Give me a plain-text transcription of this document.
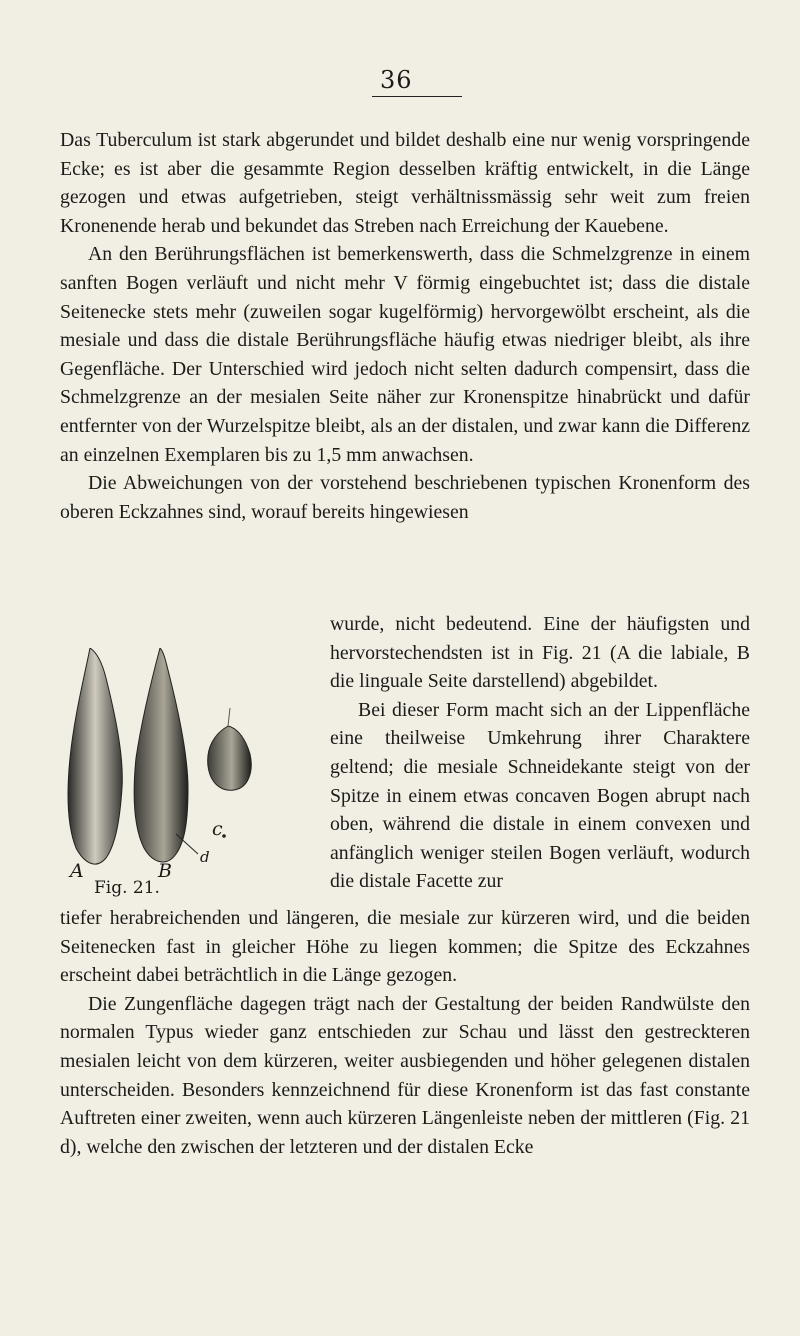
36

Das Tuberculum ist stark abgerundet und bildet deshalb eine nur wenig vorspringende Ecke; es ist aber die gesammte Region desselben kräftig entwickelt, in die Länge gezogen und etwas aufgetrieben, steigt verhältnissmässig sehr weit zum freien Kronenende herab und bekundet das Streben nach Erreichung der Kauebene.

An den Berührungsflächen ist bemerkenswerth, dass die Schmelzgrenze in einem sanften Bogen verläuft und nicht mehr V förmig eingebuchtet ist; dass die distale Seitenecke stets mehr (zuweilen sogar kugelförmig) hervorgewölbt erscheint, als die mesiale und dass die distale Berührungsfläche häufig etwas niedriger bleibt, als ihre Gegenfläche. Der Unterschied wird jedoch nicht selten dadurch compensirt, dass die Schmelzgrenze an der mesialen Seite näher zur Kronenspitze hinabrückt und dafür entfernter von der Wurzelspitze bleibt, als an der distalen, und zwar kann die Differenz an einzelnen Exemplaren bis zu 1,5 mm anwachsen.

Die Abweichungen von der vorstehend beschriebenen typischen Kronenform des oberen Eckzahnes sind, worauf bereits hingewiesen

c
d
A	B
Fig. 21.

wurde, nicht bedeutend. Eine der häufigsten und hervorstechendsten ist in Fig. 21 (A die labiale, B die linguale Seite darstellend) abgebildet.

Bei dieser Form macht sich an der Lippenfläche eine theilweise Umkehrung ihrer Charaktere geltend; die mesiale Schneidekante steigt von der Spitze in einem etwas concaven Bogen abrupt nach oben, während die distale in einem convexen und anfänglich weniger steilen Bogen verläuft, wodurch die distale Facette zur

tiefer herabreichenden und längeren, die mesiale zur kürzeren wird, und die beiden Seitenecken fast in gleicher Höhe zu liegen kommen; die Spitze des Eckzahnes erscheint dabei beträchtlich in die Länge gezogen.

Die Zungenfläche dagegen trägt nach der Gestaltung der beiden Randwülste den normalen Typus wieder ganz entschieden zur Schau und lässt den gestreckteren mesialen leicht von dem kürzeren, weiter ausbiegenden und höher gelegenen distalen unterscheiden. Besonders kennzeichnend für diese Kronenform ist das fast constante Auftreten einer zweiten, wenn auch kürzeren Längenleiste neben der mittleren (Fig. 21 d), welche den zwischen der letzteren und der distalen Ecke
